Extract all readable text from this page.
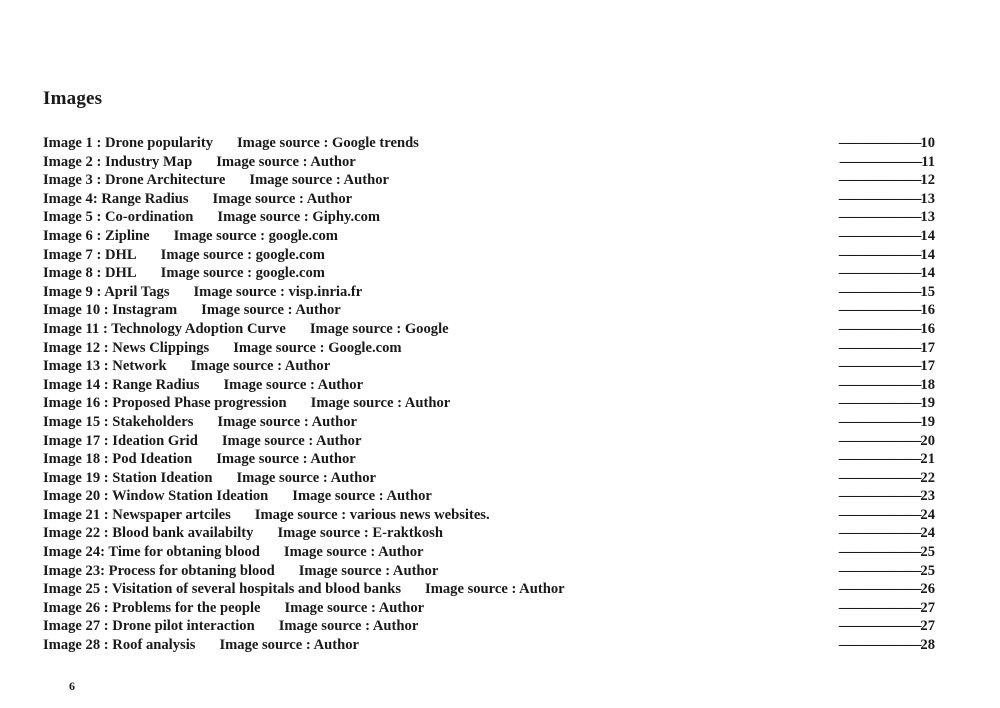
Images
Image 1 : Drone popularity Image source : Google trends	—————— 10
Image 2 : Industry Map Image source : Author	—————— 11
Image 3 : Drone Architecture Image source : Author	—————— 12
Image 4: Range Radius Image source : Author	—————— 13
Image 5 : Co-ordination Image source : Giphy.com	—————— 13
Image 6 : Zipline Image source : google.com	—————— 14
Image 7 : DHL Image source : google.com	—————— 14
Image 8 : DHL Image source : google.com	—————— 14
Image 9 : April Tags Image source : visp.inria.fr	—————— 15
Image 10 : Instagram Image source : Author	—————— 16
Image 11 : Technology Adoption Curve Image source : Google	—————— 16
Image 12 : News Clippings Image source : Google.com	—————— 17
Image 13 : Network Image source : Author	—————— 17
Image 14 : Range Radius Image source : Author	—————— 18
Image 16 : Proposed Phase progression Image source : Author	—————— 19
Image 15 : Stakeholders Image source : Author	—————— 19
Image 17 : Ideation Grid Image source : Author	—————— 20
Image 18 : Pod Ideation Image source : Author	—————— 21
Image 19 : Station Ideation Image source : Author	—————— 22
Image 20 : Window Station Ideation Image source : Author	—————— 23
Image 21 : Newspaper artciles Image source : various news websites.	—————— 24
Image 22 : Blood bank availabilty Image source : E-raktkosh	—————— 24
Image 24: Time for obtaning blood Image source : Author	—————— 25
Image 23: Process for obtaning blood Image source : Author	—————— 25
Image 25 : Visitation of several hospitals and blood banks Image source : Author	—————— 26
Image 26 : Problems for the people Image source : Author	—————— 27
Image 27 : Drone pilot interaction Image source : Author	—————— 27
Image 28 : Roof analysis Image source : Author	—————— 28
6
